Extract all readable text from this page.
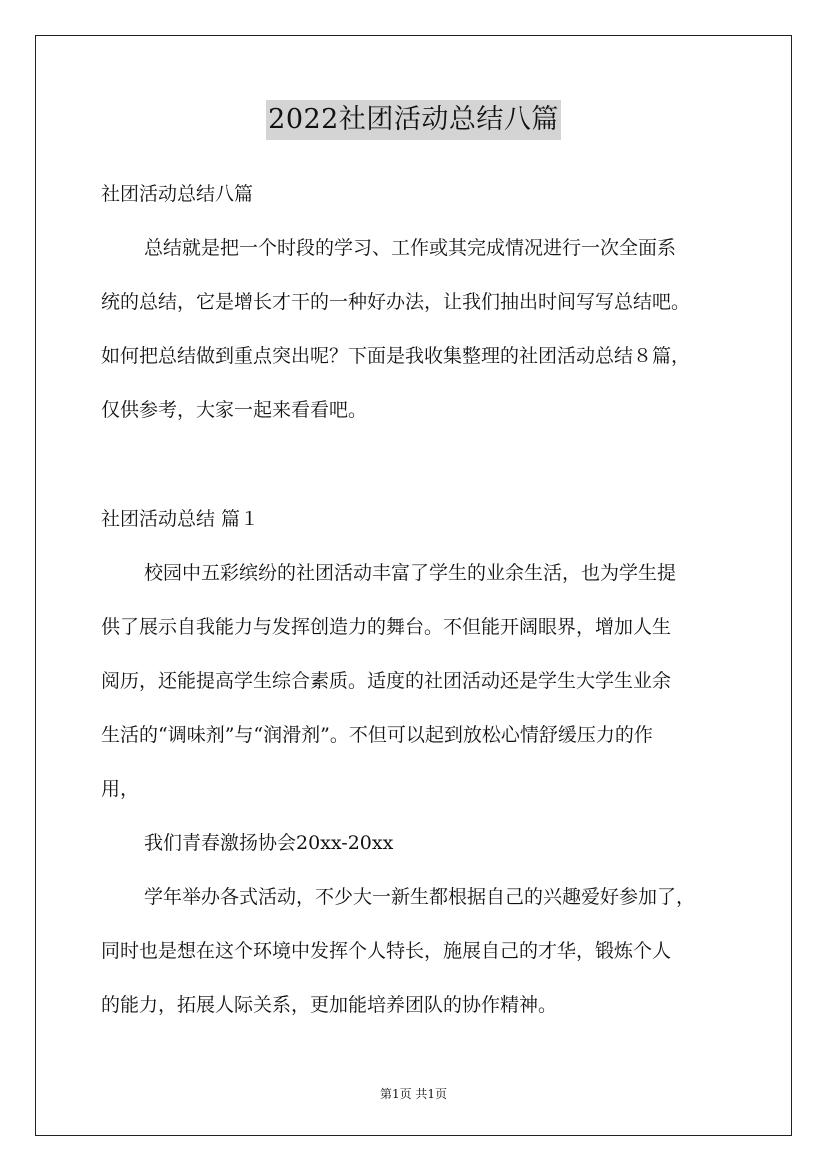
2022社团活动总结八篇
社团活动总结八篇
总结就是把一个时段的学习、工作或其完成情况进行一次全面系
统的总结，它是增长才干的一种好办法，让我们抽出时间写写总结吧。
如何把总结做到重点突出呢？下面是我收集整理的社团活动总结８篇，
仅供参考，大家一起来看看吧。
社团活动总结 篇１
校园中五彩缤纷的社团活动丰富了学生的业余生活，也为学生提
供了展示自我能力与发挥创造力的舞台。不但能开阔眼界，增加人生
阅历，还能提高学生综合素质。适度的社团活动还是学生大学生业余
生活的“调味剂”与“润滑剂”。不但可以起到放松心情舒缓压力的作
用，
我们青春激扬协会20xx-20xx
学年举办各式活动，不少大一新生都根据自己的兴趣爱好参加了，
同时也是想在这个环境中发挥个人特长，施展自己的才华，锻炼个人
的能力，拓展人际关系，更加能培养团队的协作精神。
第1页 共1页
